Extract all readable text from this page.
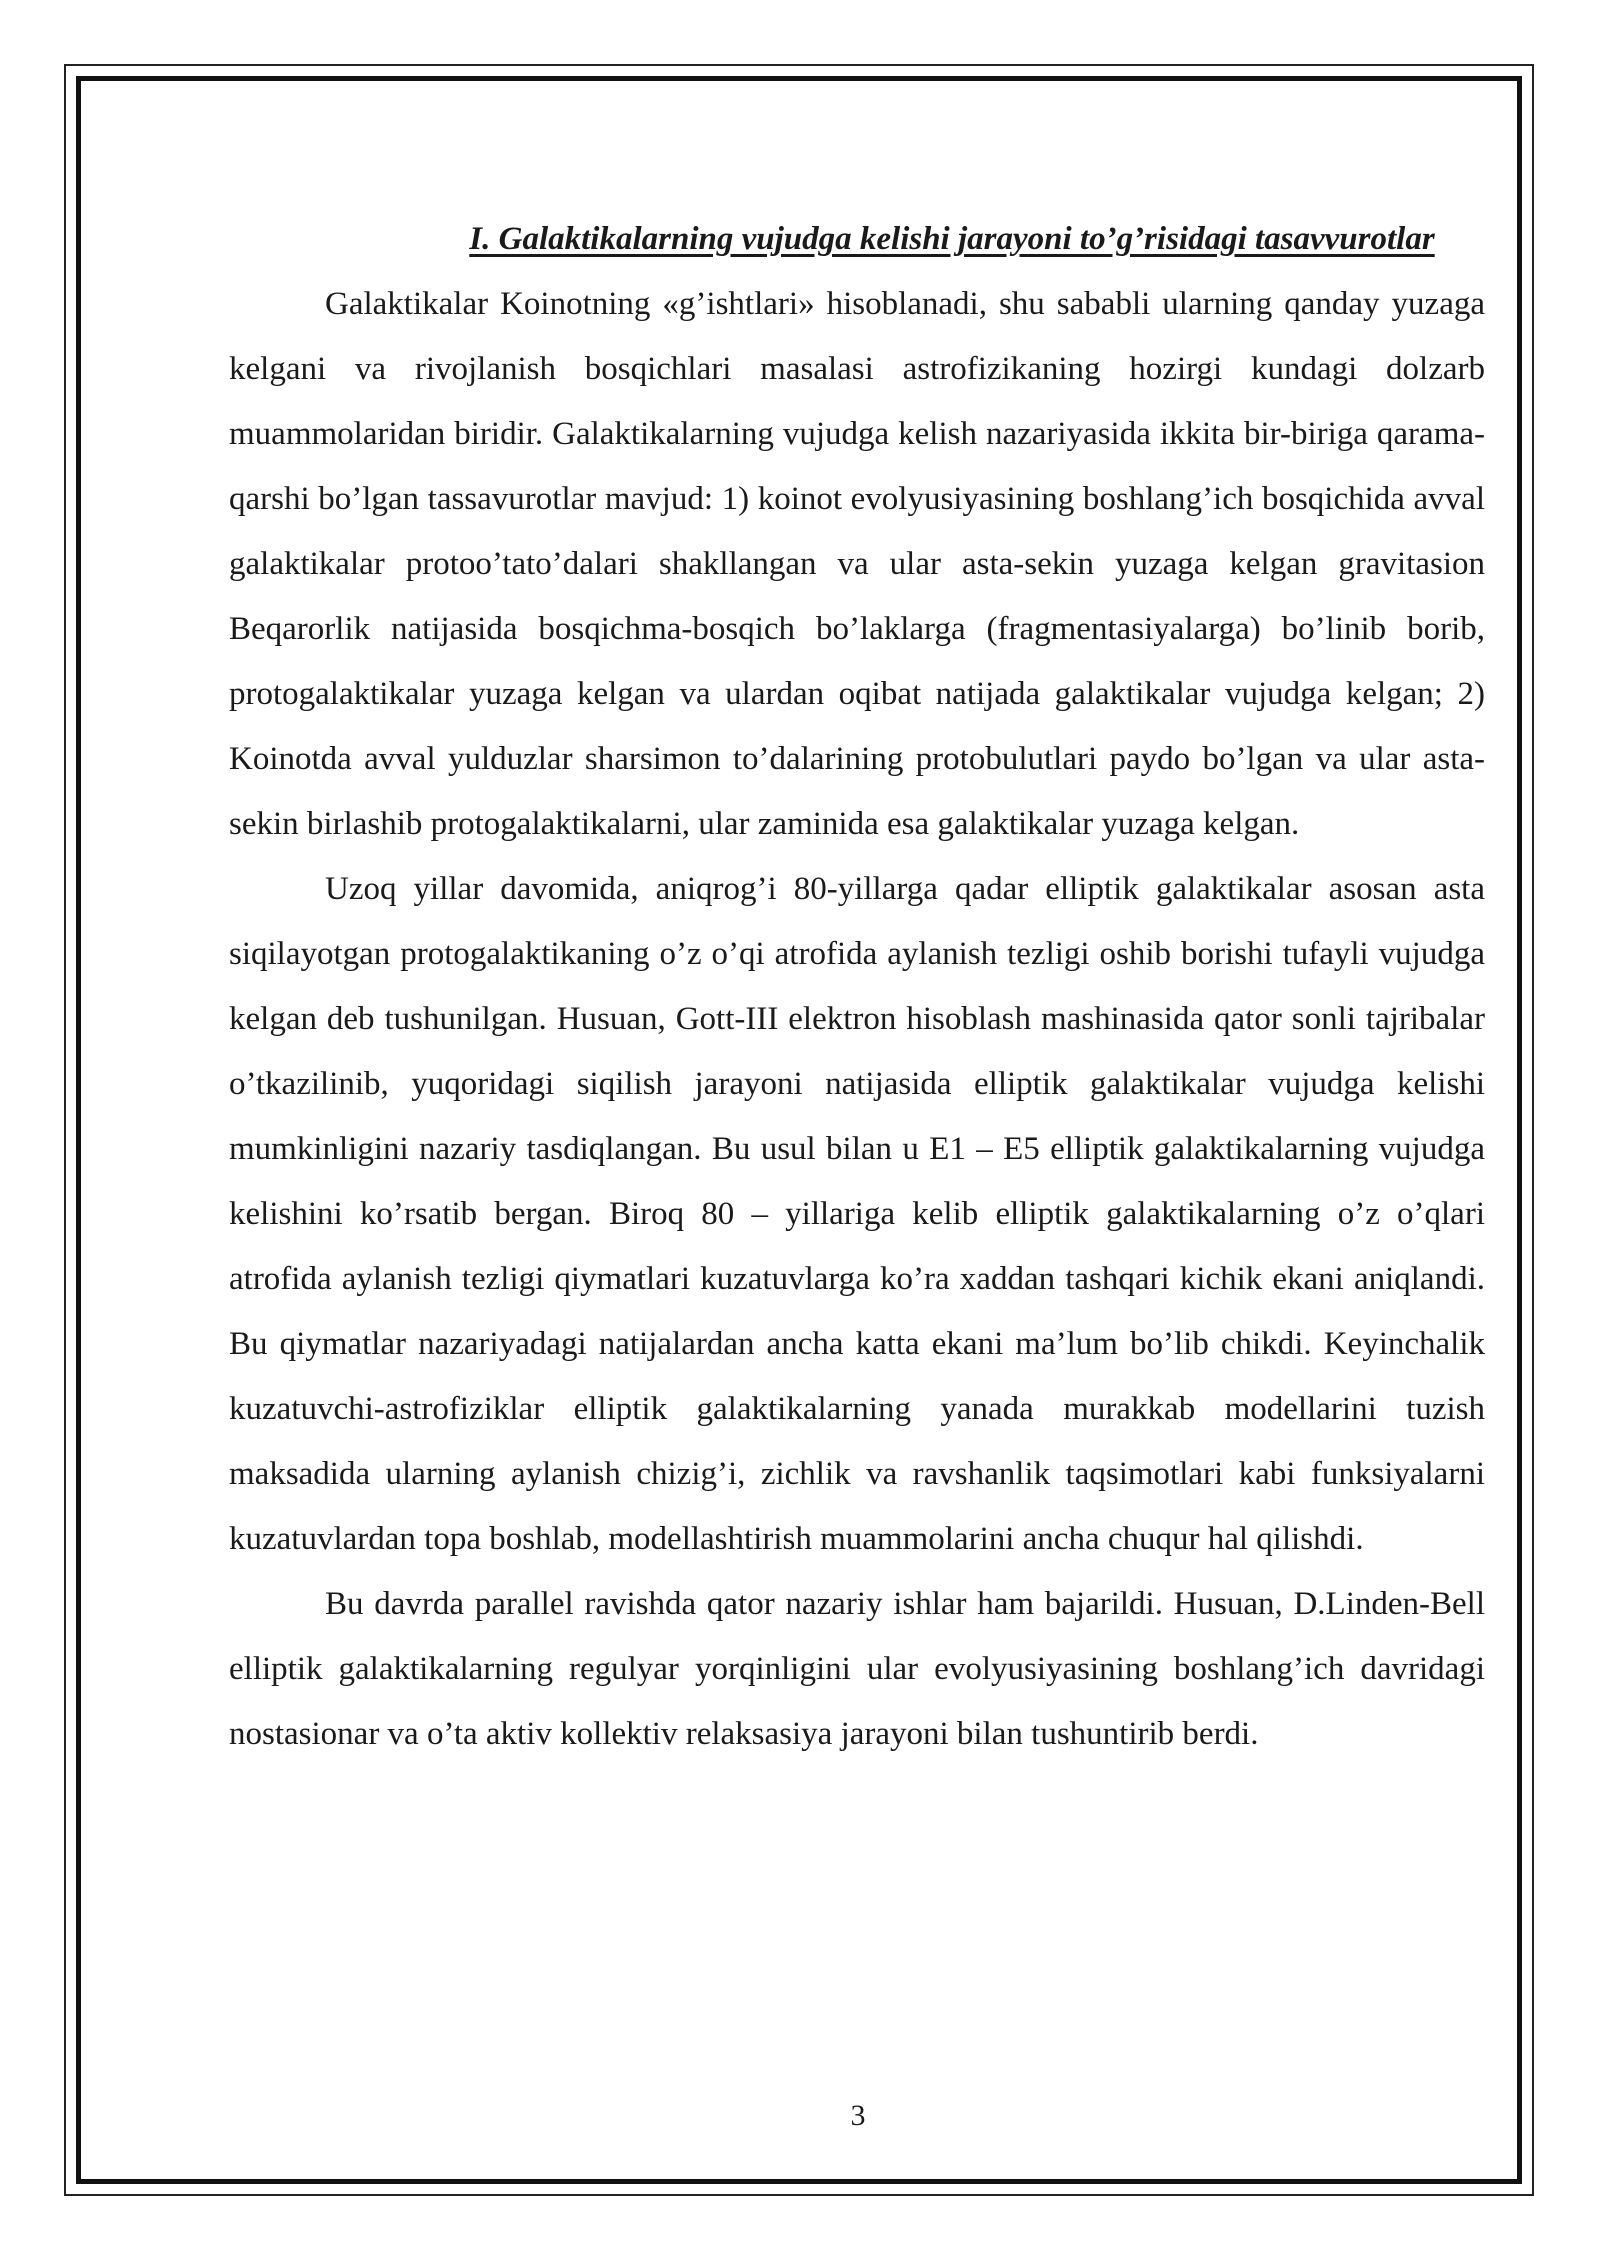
I. Galaktikalarning vujudga kelishi jarayoni to’g’risidagi tasavvurotlar

Galaktikalar Koinotning «g’ishtlari» hisoblanadi, shu sababli ularning qanday yuzaga kelgani va rivojlanish bosqichlari masalasi astrofizikaning hozirgi kundagi dolzarb muammolaridan biridir. Galaktikalarning vujudga kelish nazariyasida ikkita bir-biriga qarama-qarshi bo’lgan tassavurotlar mavjud: 1) koinot evolyusiyasining boshlang’ich bosqichida avval galaktikalar protoo’tato’dalari shakllangan va ular asta-sekin yuzaga kelgan gravitasion Beqarorlik natijasida bosqichma-bosqich bo’laklarga (fragmentasiyalarga) bo’linib borib, protogalaktikalar yuzaga kelgan va ulardan oqibat natijada galaktikalar vujudga kelgan; 2) Koinotda avval yulduzlar sharsimon to’dalarining protobulutlari paydo bo’lgan va ular asta-sekin birlashib protogalaktikalarni, ular zaminida esa galaktikalar yuzaga kelgan.

Uzoq yillar davomida, aniqrog’i 80-yillarga qadar elliptik galaktikalar asosan asta siqilayotgan protogalaktikaning o’z o’qi atrofida aylanish tezligi oshib borishi tufayli vujudga kelgan deb tushunilgan. Husuan, Gott-III elektron hisoblash mashinasida qator sonli tajribalar o’tkazilinib, yuqoridagi siqilish jarayoni natijasida elliptik galaktikalar vujudga kelishi mumkinligini nazariy tasdiqlangan. Bu usul bilan u E1 – E5 elliptik galaktikalarning vujudga kelishini ko’rsatib bergan. Biroq 80 – yillariga kelib elliptik galaktikalarning o’z o’qlari atrofida aylanish tezligi qiymatlari kuzatuvlarga ko’ra xaddan tashqari kichik ekani aniqlandi. Bu qiymatlar nazariyadagi natijalardan ancha katta ekani ma’lum bo’lib chikdi. Keyinchalik kuzatuvchi-astrofiziklar elliptik galaktikalarning yanada murakkab modellarini tuzish maksadida ularning aylanish chizig’i, zichlik va ravshanlik taqsimotlari kabi funksiyalarni kuzatuvlardan topa boshlab, modellashtirish muammolarini ancha chuqur hal qilishdi.

Bu davrda parallel ravishda qator nazariy ishlar ham bajarildi. Husuan, D.Linden-Bell elliptik galaktikalarning regulyar yorqinligini ular evolyusiyasining boshlang’ich davridagi nostasionar va o’ta aktiv kollektiv relaksasiya jarayoni bilan tushuntirib berdi.

3
